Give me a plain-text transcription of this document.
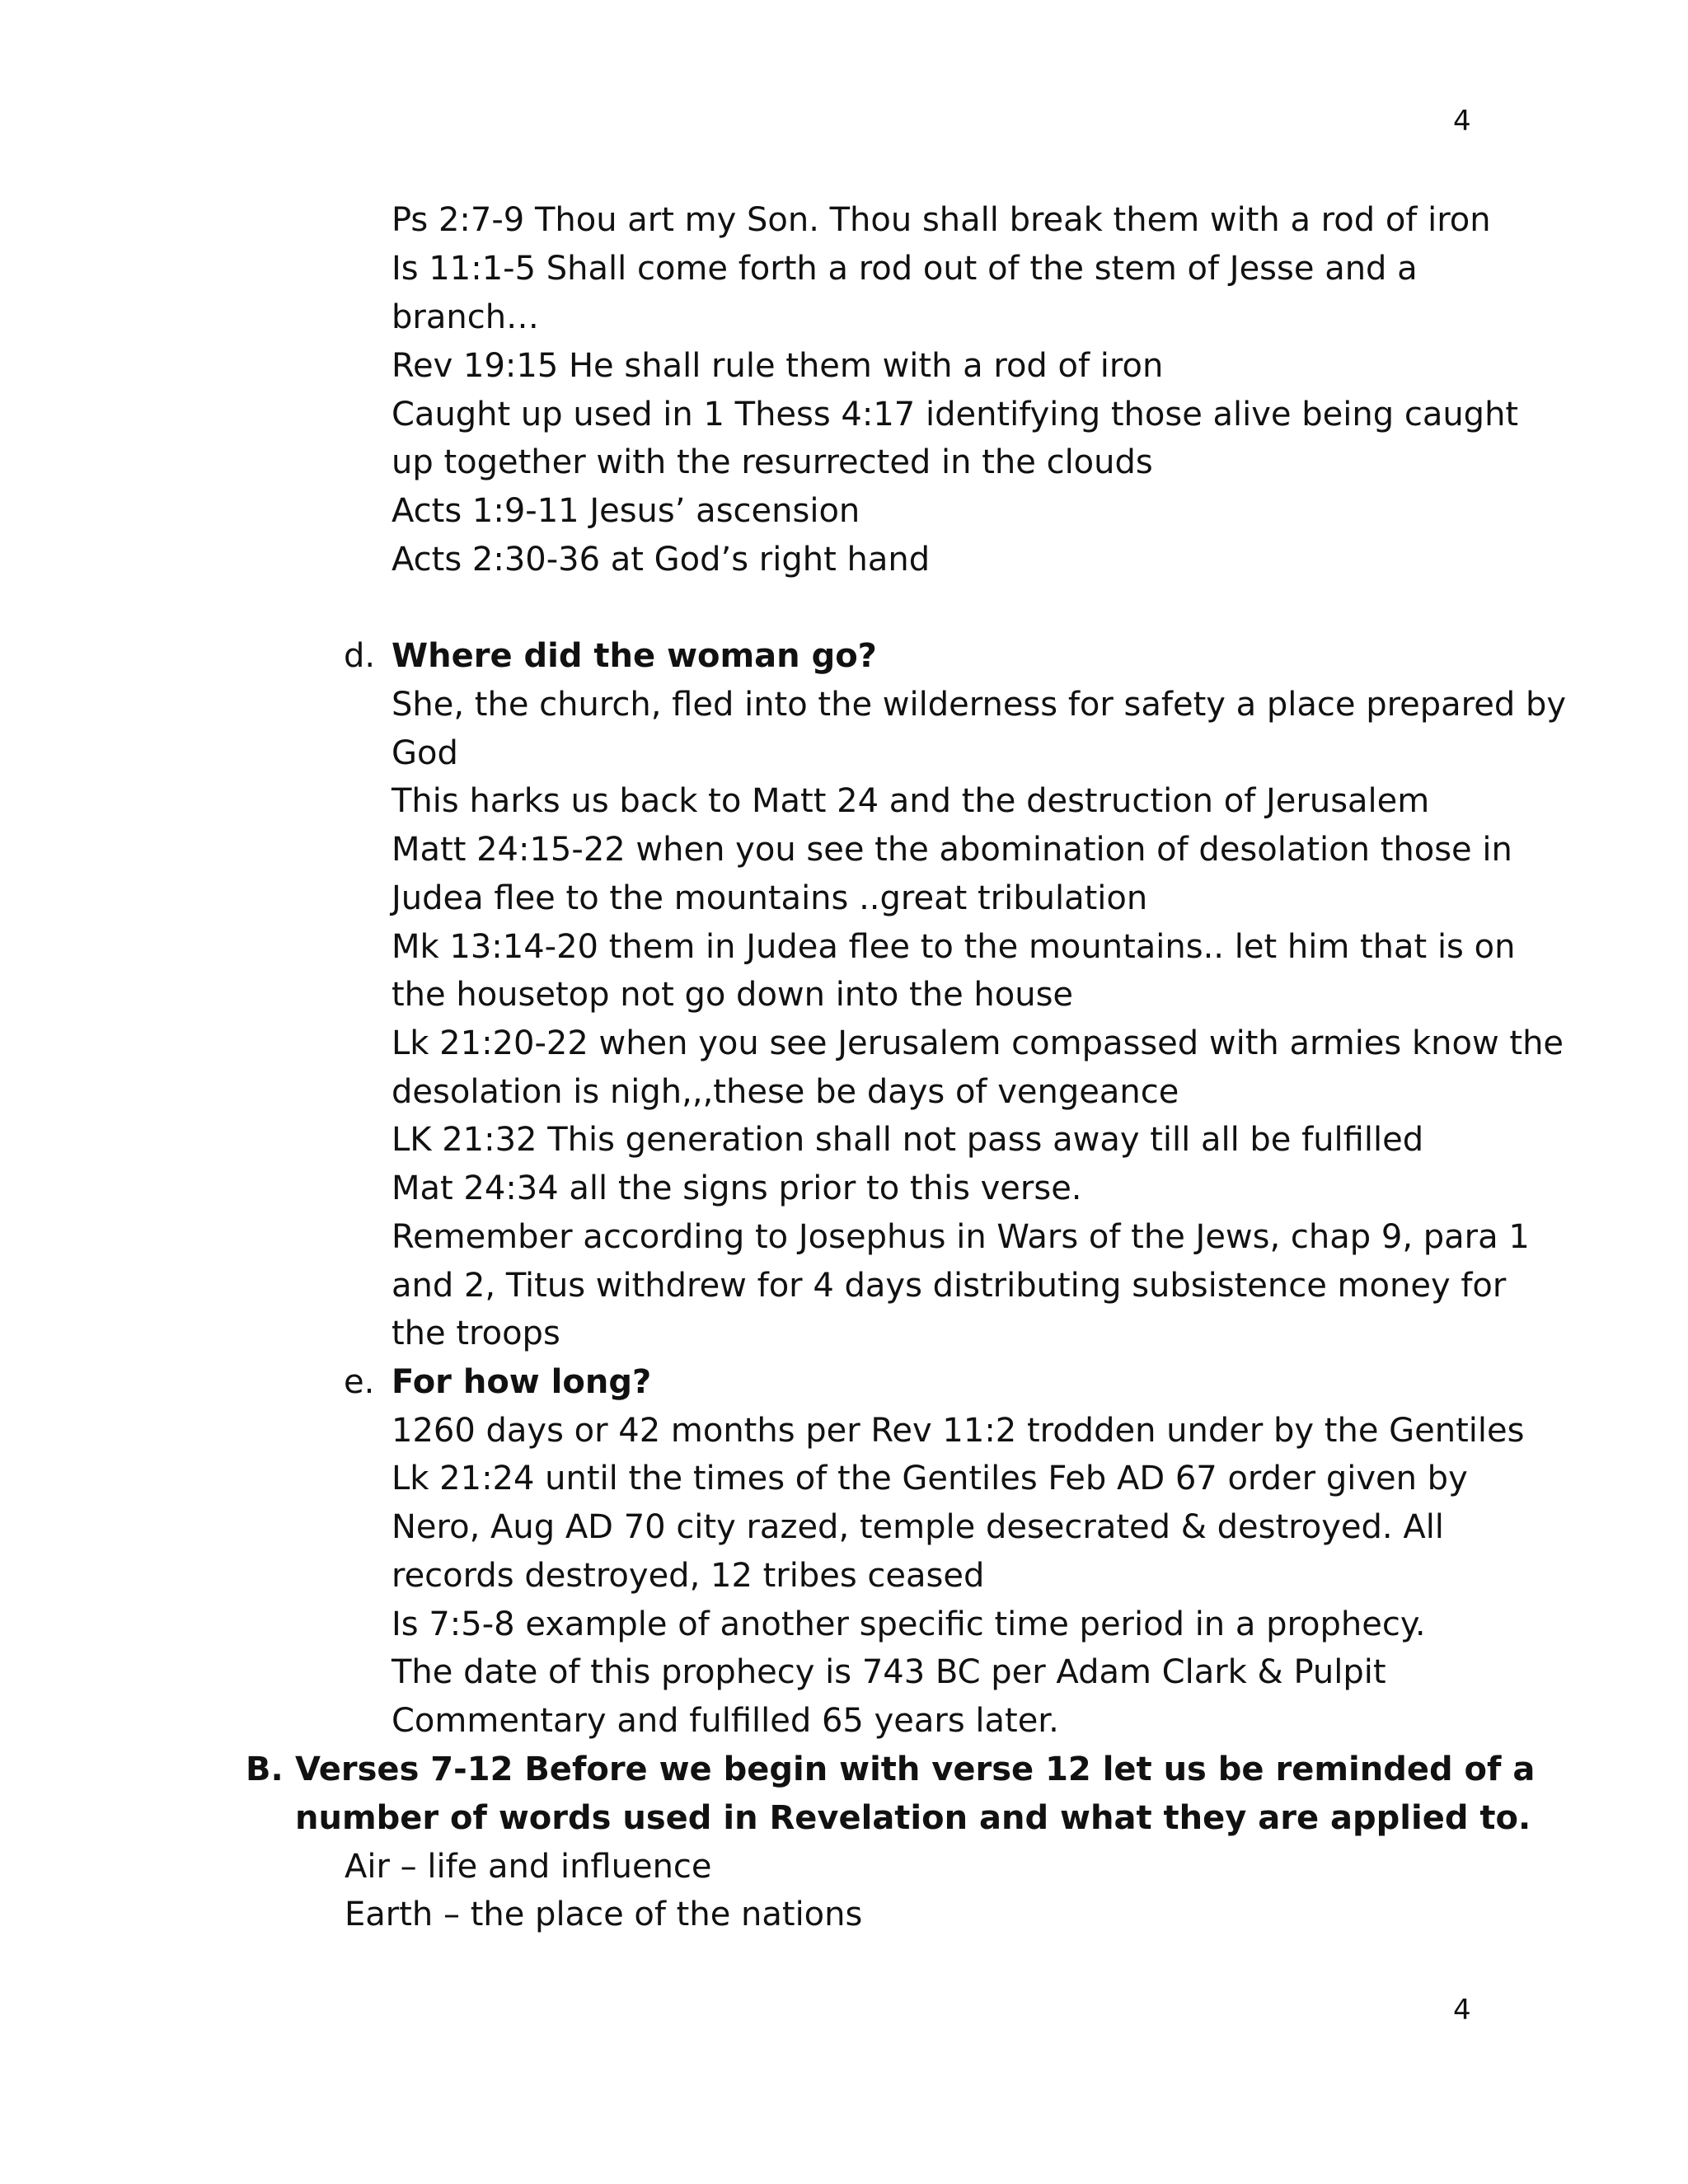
4
Ps 2:7-9 Thou art my Son. Thou shall break them with a rod of iron
Is 11:1-5 Shall come forth a rod out of the stem of Jesse and a
branch…
Rev 19:15 He shall rule them with a rod of iron
Caught up used in 1 Thess 4:17 identifying those alive being caught
up together with the resurrected in the clouds
Acts 1:9-11 Jesus’ ascension
Acts 2:30-36 at God’s right hand
d. Where did the woman go?
She, the church, fled into the wilderness for safety a place prepared by
God
This harks us back to Matt 24 and the destruction of Jerusalem
Matt 24:15-22 when you see the abomination of desolation those in
Judea flee to the mountains ..great tribulation
Mk 13:14-20 them in Judea flee to the mountains.. let him that is on
the housetop not go down into the house
Lk 21:20-22 when you see Jerusalem compassed with armies know the
desolation is nigh,,,these be days of vengeance
LK 21:32 This generation shall not pass away till all be fulfilled
Mat 24:34 all the signs prior to this verse.
Remember according to Josephus in Wars of the Jews, chap 9, para 1
and 2, Titus withdrew for 4 days distributing subsistence money for
the troops
e. For how long?
1260 days or 42 months per Rev 11:2 trodden under by the Gentiles
Lk 21:24 until the times of the Gentiles Feb AD 67 order given by
Nero, Aug AD 70 city razed, temple desecrated & destroyed. All
records destroyed, 12 tribes ceased
Is 7:5-8 example of another specific time period in a prophecy.
The date of this prophecy is 743 BC per Adam Clark & Pulpit
Commentary and fulfilled 65 years later.
B. Verses 7-12 Before we begin with verse 12 let us be reminded of a
number of words used in Revelation and what they are applied to.
Air – life and influence
Earth – the place of the nations
4
